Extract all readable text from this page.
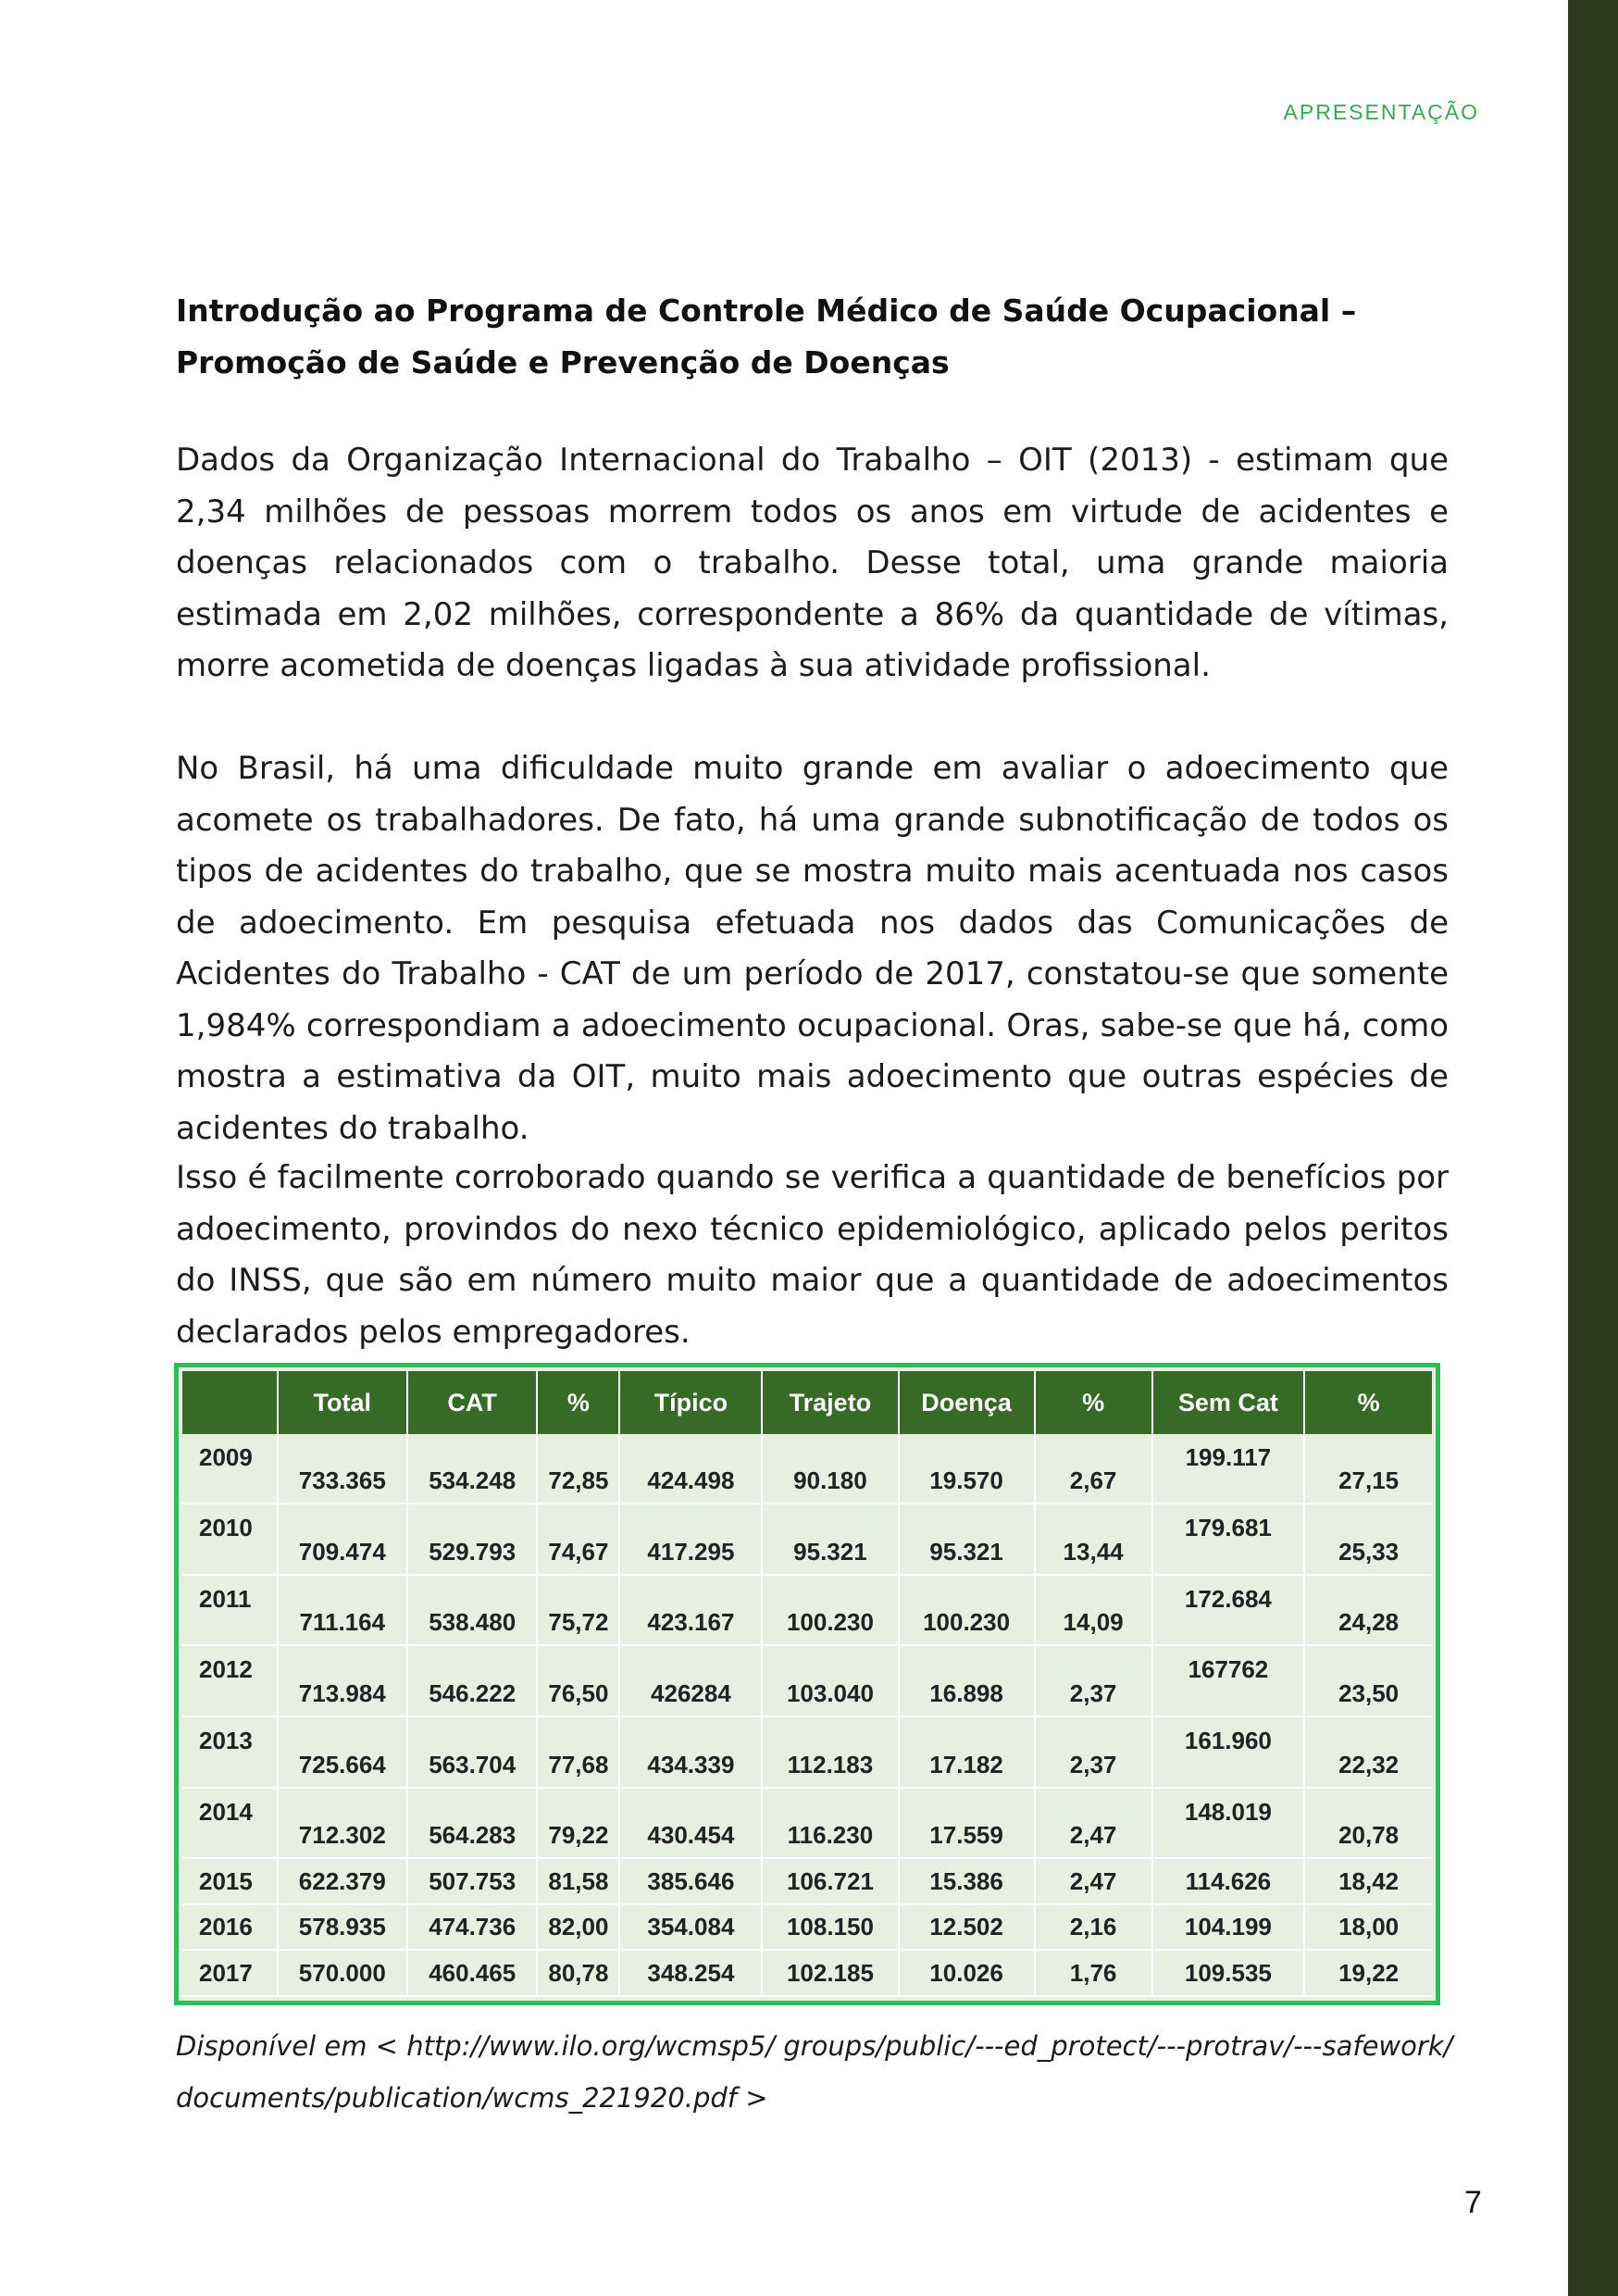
APRESENTAÇÃO
Introdução ao Programa de Controle Médico de Saúde Ocupacional – Promoção de Saúde e Prevenção de Doenças

Dados da Organização Internacional do Trabalho – OIT (2013) - estimam que 2,34 milhões de pessoas morrem todos os anos em virtude de acidentes e doenças relacionados com o trabalho. Desse total, uma grande maioria estimada em 2,02 milhões, correspondente a 86% da quantidade de vítimas, morre acometida de doenças ligadas à sua atividade profissional.

No Brasil, há uma dificuldade muito grande em avaliar o adoecimento que acomete os trabalhadores. De fato, há uma grande subnotificação de todos os tipos de acidentes do trabalho, que se mostra muito mais acentuada nos casos de adoecimento. Em pesquisa efetuada nos dados das Comunicações de Acidentes do Trabalho - CAT de um período de 2017, constatou-se que somente 1,984% correspondiam a adoecimento ocupacional. Oras, sabe-se que há, como mostra a estimativa da OIT, muito mais adoecimento que outras espécies de acidentes do trabalho.

Isso é facilmente corroborado quando se verifica a quantidade de benefícios por adoecimento, provindos do nexo técnico epidemiológico, aplicado pelos peritos do INSS, que são em número muito maior que a quantidade de adoecimentos declarados pelos empregadores.

	Total	CAT	%	Típico	Trajeto	Doença	%	Sem Cat	%
2009	733.365	534.248	72,85	424.498	90.180	19.570	2,67	199.117	27,15
2010	709.474	529.793	74,67	417.295	95.321	95.321	13,44	179.681	25,33
2011	711.164	538.480	75,72	423.167	100.230	100.230	14,09	172.684	24,28
2012	713.984	546.222	76,50	426284	103.040	16.898	2,37	167762	23,50
2013	725.664	563.704	77,68	434.339	112.183	17.182	2,37	161.960	22,32
2014	712.302	564.283	79,22	430.454	116.230	17.559	2,47	148.019	20,78
2015	622.379	507.753	81,58	385.646	106.721	15.386	2,47	114.626	18,42
2016	578.935	474.736	82,00	354.084	108.150	12.502	2,16	104.199	18,00
2017	570.000	460.465	80,78	348.254	102.185	10.026	1,76	109.535	19,22

Disponível em < http://www.ilo.org/wcmsp5/ groups/public/---ed_protect/---protrav/---safework/
documents/publication/wcms_221920.pdf >

7
